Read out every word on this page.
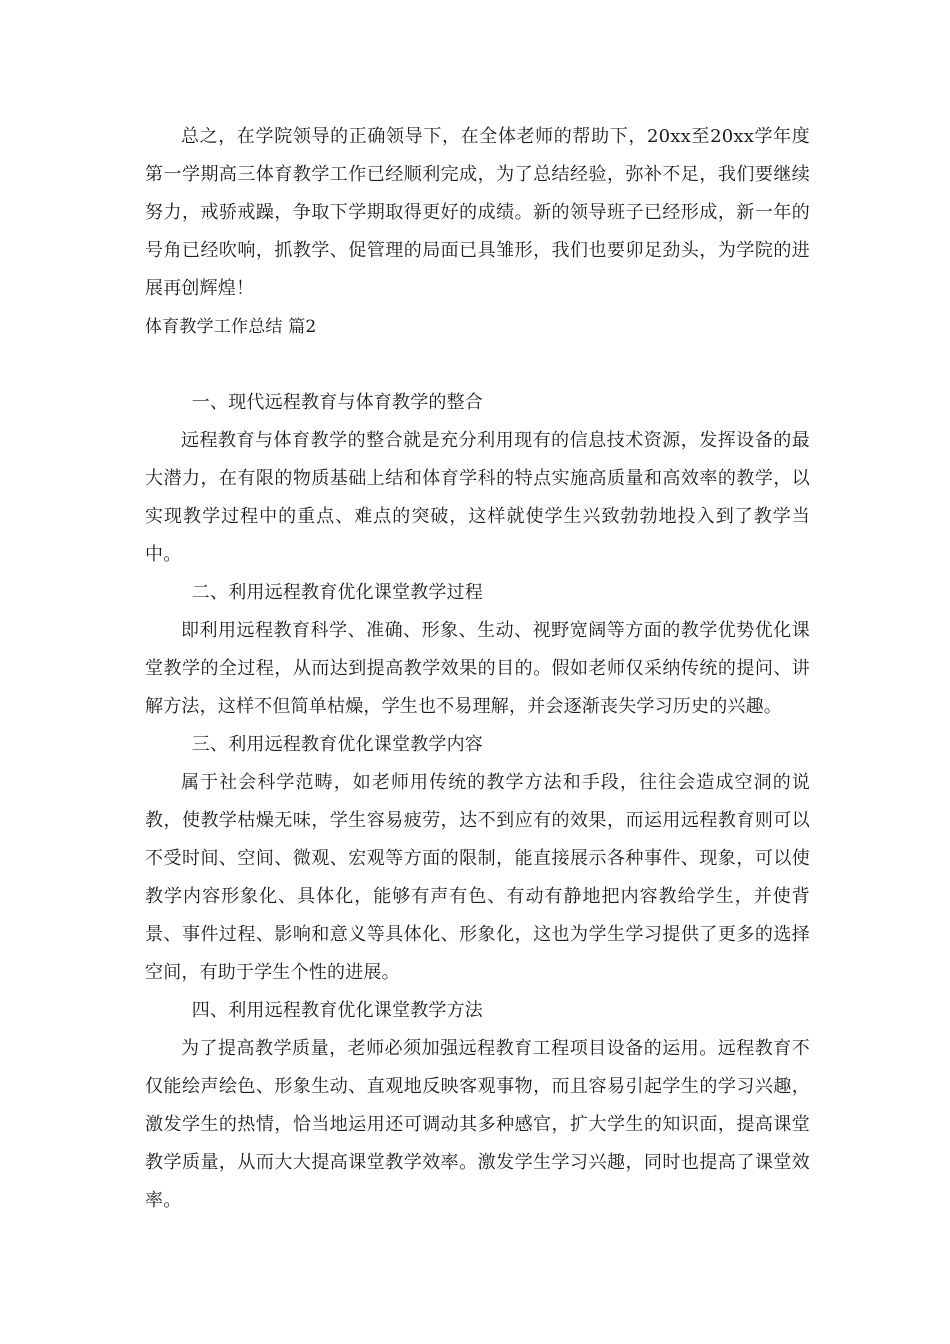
总之，在学院领导的正确领导下，在全体老师的帮助下，20xx至20xx学年度第一学期高三体育教学工作已经顺利完成，为了总结经验，弥补不足，我们要继续努力，戒骄戒躁，争取下学期取得更好的成绩。新的领导班子已经形成，新一年的号角已经吹响，抓教学、促管理的局面已具雏形，我们也要卯足劲头，为学院的进展再创辉煌！

体育教学工作总结 篇2

一、现代远程教育与体育教学的整合

远程教育与体育教学的整合就是充分利用现有的信息技术资源，发挥设备的最大潜力，在有限的物质基础上结和体育学科的特点实施高质量和高效率的教学，以实现教学过程中的重点、难点的突破，这样就使学生兴致勃勃地投入到了教学当中。

二、利用远程教育优化课堂教学过程

即利用远程教育科学、准确、形象、生动、视野宽阔等方面的教学优势优化课堂教学的全过程，从而达到提高教学效果的目的。假如老师仅采纳传统的提问、讲解方法，这样不但简单枯燥，学生也不易理解，并会逐渐丧失学习历史的兴趣。

三、利用远程教育优化课堂教学内容

属于社会科学范畴，如老师用传统的教学方法和手段，往往会造成空洞的说教，使教学枯燥无味，学生容易疲劳，达不到应有的效果，而运用远程教育则可以不受时间、空间、微观、宏观等方面的限制，能直接展示各种事件、现象，可以使教学内容形象化、具体化，能够有声有色、有动有静地把内容教给学生，并使背景、事件过程、影响和意义等具体化、形象化，这也为学生学习提供了更多的选择空间，有助于学生个性的进展。

四、利用远程教育优化课堂教学方法

为了提高教学质量，老师必须加强远程教育工程项目设备的运用。远程教育不仅能绘声绘色、形象生动、直观地反映客观事物，而且容易引起学生的学习兴趣，激发学生的热情，恰当地运用还可调动其多种感官，扩大学生的知识面，提高课堂教学质量，从而大大提高课堂教学效率。激发学生学习兴趣，同时也提高了课堂效率。
